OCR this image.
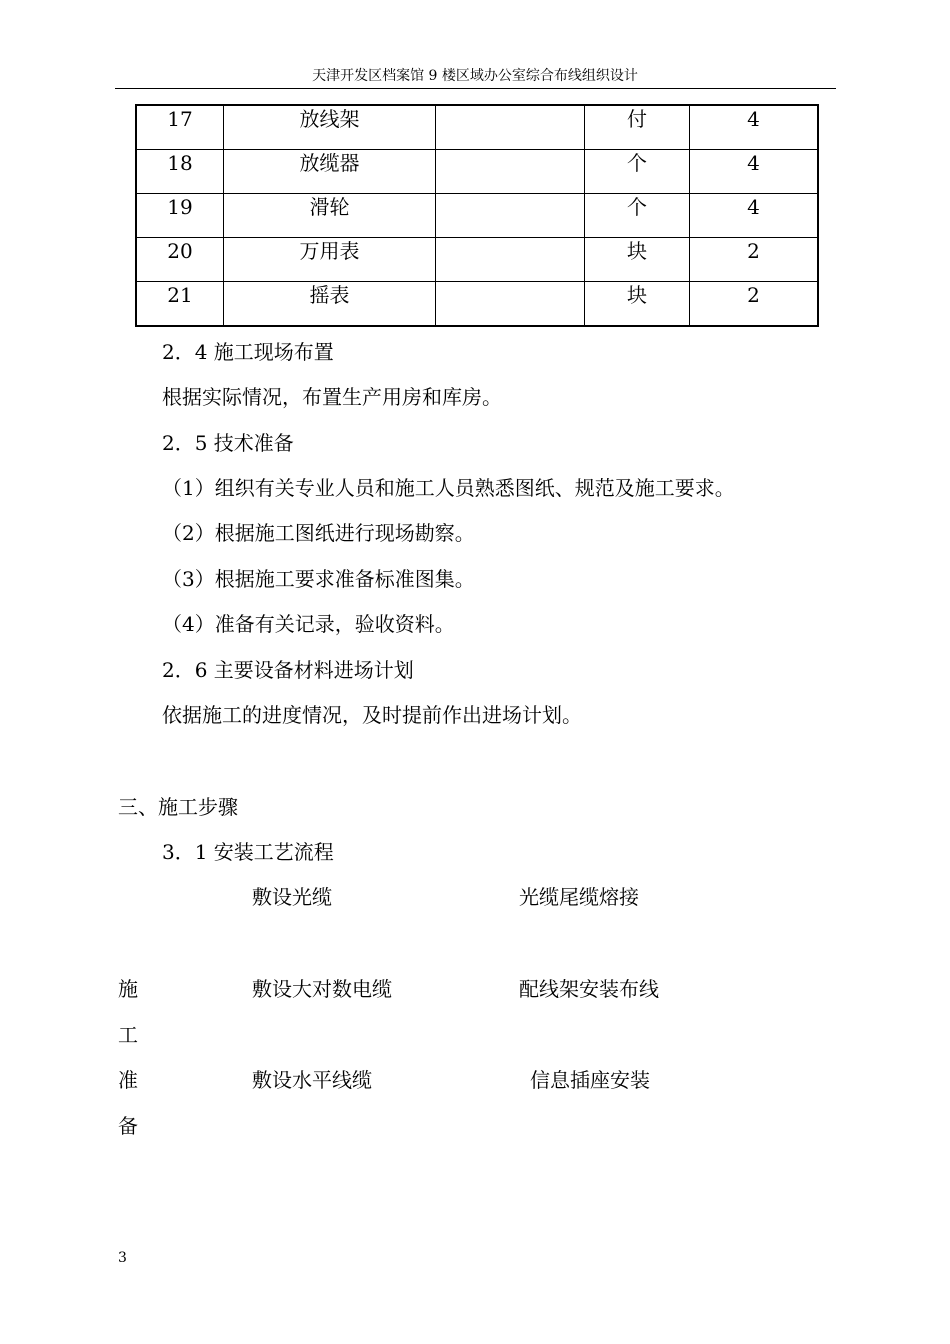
天津开发区档案馆 9 楼区域办公室综合布线组织设计
17	放线架		付	4
18	放缆器		个	4
19	滑轮		个	4
20	万用表		块	2
21	摇表		块	2
2．4 施工现场布置
根据实际情况，布置生产用房和库房。
2．5 技术准备
（1）组织有关专业人员和施工人员熟悉图纸、规范及施工要求。
（2）根据施工图纸进行现场勘察。
（3）根据施工要求准备标准图集。
（4）准备有关记录，验收资料。
2．6 主要设备材料进场计划
依据施工的进度情况，及时提前作出进场计划。
三、施工步骤
3．1 安装工艺流程
施
工
准
备
敷设光缆
敷设大对数电缆
敷设水平线缆
光缆尾缆熔接
配线架安装布线
信息插座安装
3
